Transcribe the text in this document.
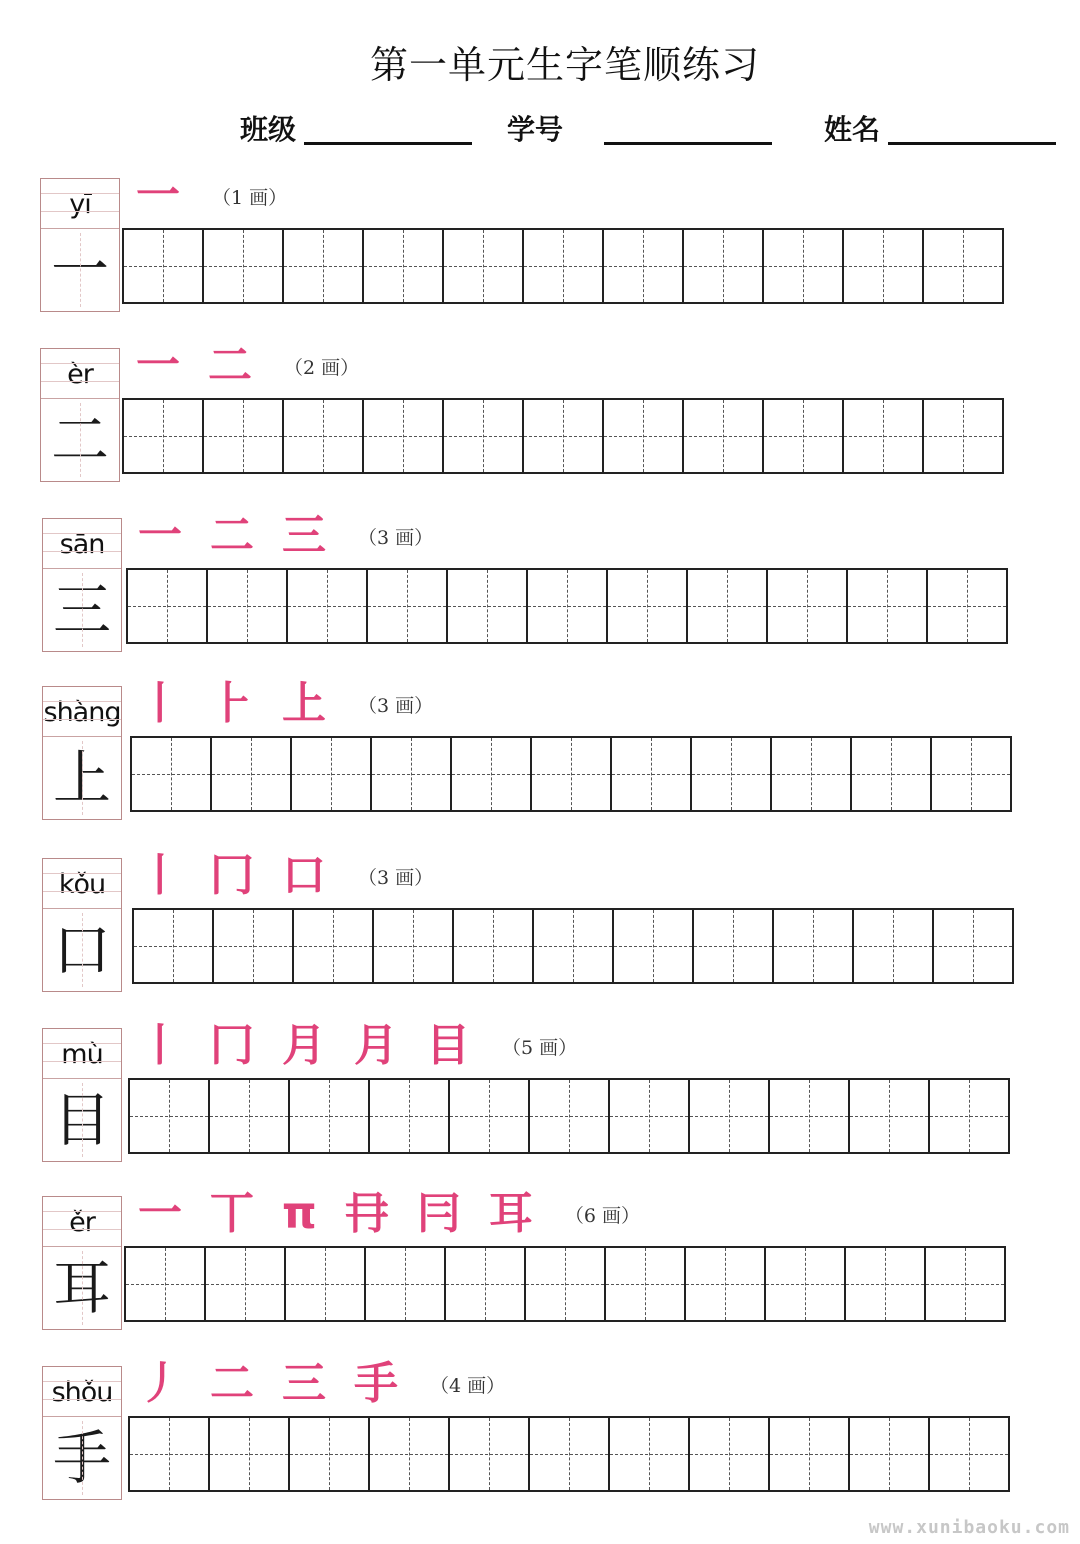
第一单元生字笔顺练习
班级	学号	姓名
yī
一
一 （1 画）
èr
二
一 二 （2 画）
sān
三
一 二 三 （3 画）
shàng
上
丨 ⺊ 上 （3 画）
kǒu
口
丨 冂 口 （3 画）
mù
目
丨 冂 月 月 目 （5 画）
ěr
耳
一 丅 π 冄 冃 耳 （6 画）
shǒu
手
丿 二 三 手 （4 画）
www.xunibaoku.com
